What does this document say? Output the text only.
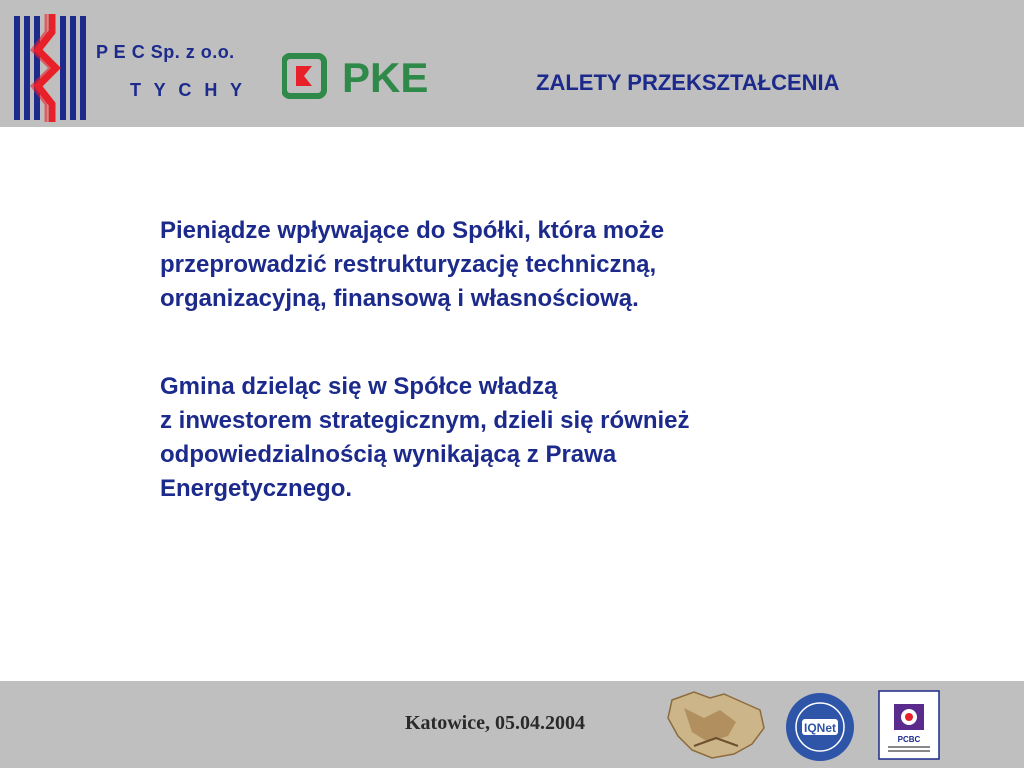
P E C Sp. z o.o.
T Y C H Y PKE	ZALETY PRZEKSZTAŁCENIA

Pieniądze wpływające do Spółki, która może
przeprowadzić restrukturyzację techniczną,
organizacyjną, finansową i własnościową.

Gmina dzieląc się w Spółce władzą
z inwestorem strategicznym, dzieli się również
odpowiedzialnością wynikającą z Prawa
Energetycznego.

Katowice, 05.04.2004	IQNet
PCBC
